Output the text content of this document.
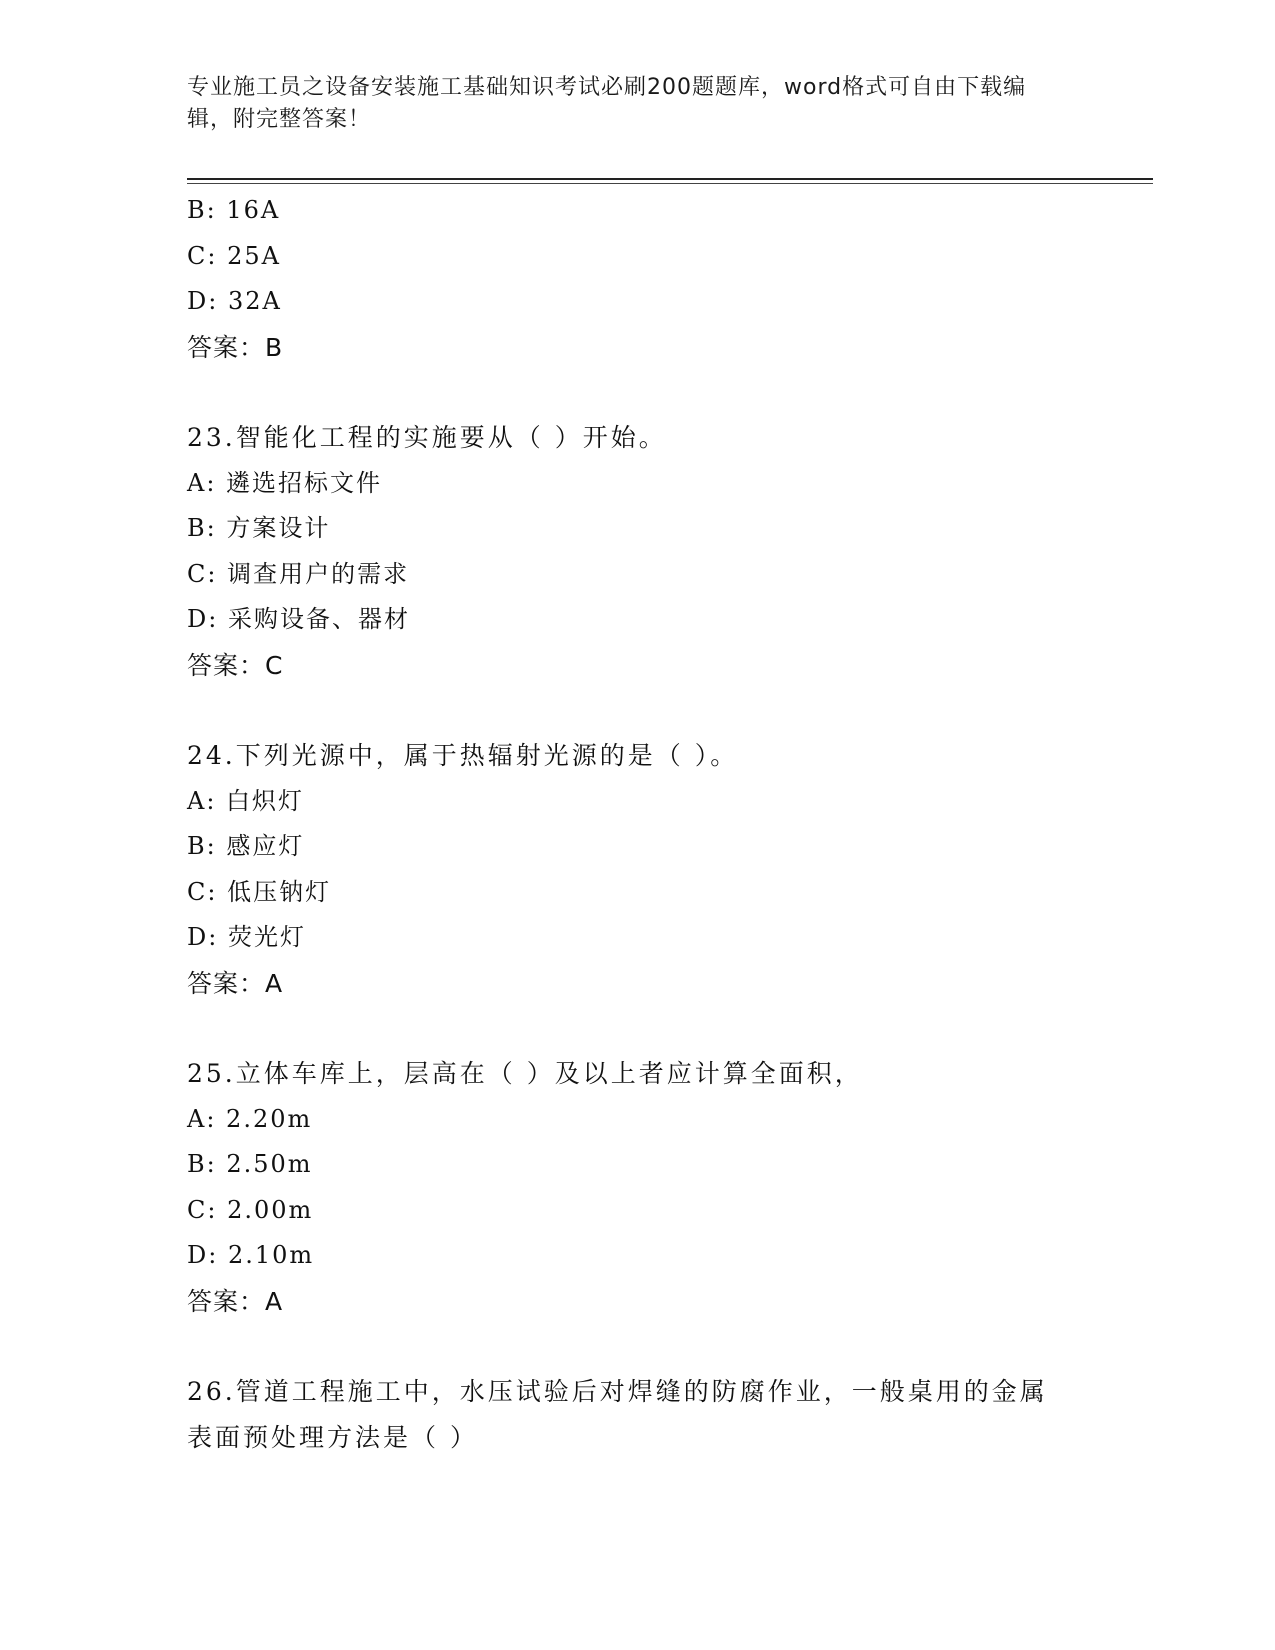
专业施工员之设备安装施工基础知识考试必刷200题题库，word格式可自由下载编辑，附完整答案！
B: 16A
C: 25A
D: 32A
答案：B
23.智能化工程的实施要从（ ）开始。
A: 遴选招标文件
B: 方案设计
C: 调查用户的需求
D: 采购设备、器材
答案：C
24.下列光源中，属于热辐射光源的是（ ）。
A: 白炽灯
B: 感应灯
C: 低压钠灯
D: 荧光灯
答案：A
25.立体车库上，层高在（ ）及以上者应计算全面积，
A: 2.20m
B: 2.50m
C: 2.00m
D: 2.10m
答案：A
26.管道工程施工中，水压试验后对焊缝的防腐作业，一般桌用的金属表面预处理方法是（ ）
